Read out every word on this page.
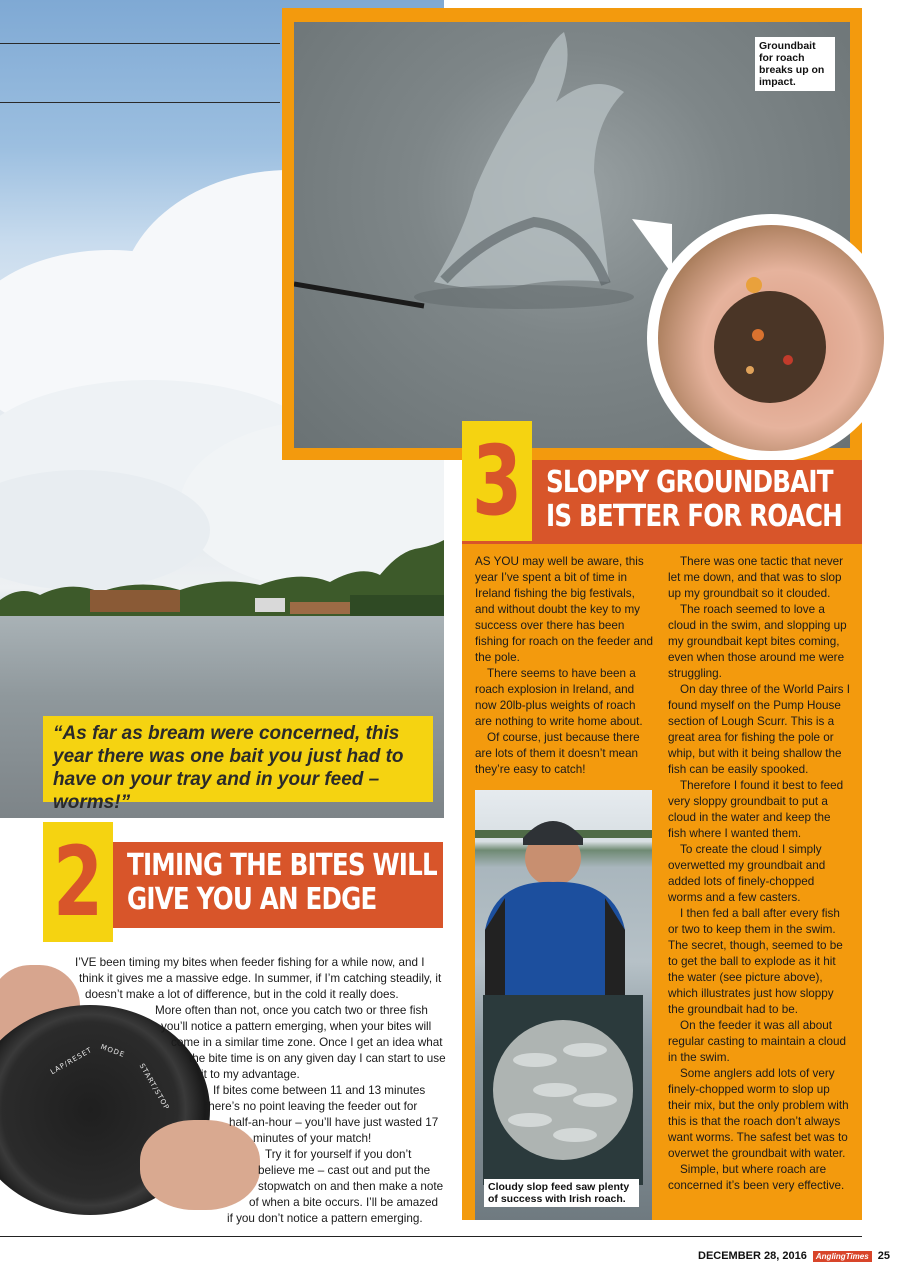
“As far as bream were concerned, this year there was one bait you just had to have on your tray and in your feed – worms!”

Groundbait for roach breaks up on impact.
3 SLOPPY GROUNDBAIT
IS BETTER FOR ROACH

AS YOU may well be aware, this year I’ve spent a bit of time in Ireland fishing the big festivals, and without doubt the key to my success over there has been fishing for roach on the feeder and the pole.

There seems to have been a roach explosion in Ireland, and now 20lb-plus weights of roach are nothing to write home about.

Of course, just because there are lots of them it doesn’t mean they’re easy to catch!

There was one tactic that never let me down, and that was to slop up my groundbait so it clouded.

The roach seemed to love a cloud in the swim, and slopping up my groundbait kept bites coming, even when those around me were struggling.

On day three of the World Pairs I found myself on the Pump House section of Lough Scurr. This is a great area for fishing the pole or whip, but with it being shallow the fish can be easily spooked.

Therefore I found it best to feed very sloppy groundbait to put a cloud in the water and keep the fish where I wanted them.

To create the cloud I simply overwetted my groundbait and added lots of finely-chopped worms and a few casters.

I then fed a ball after every fish or two to keep them in the swim. The secret, though, seemed to be to get the ball to explode as it hit the water (see picture above), which illustrates just how sloppy the groundbait had to be.

On the feeder it was all about regular casting to maintain a cloud in the swim.

Some anglers add lots of very finely-chopped worm to slop up their mix, but the only problem with this is that the roach don’t always want worms. The safest bet was to overwet the groundbait with water.

Simple, but where roach are concerned it’s been very effective.

Cloudy slop feed saw plenty of success with Irish roach.
2 TIMING THE BITES WILL
GIVE YOU AN EDGE
LAP/RESET MODE
START/STOP
I’VE been timing my bites when feeder fishing for a while now, and I
think it gives me a massive edge. In summer, if I’m catching steadily, it
doesn’t make a lot of difference, but in the cold it really does.
More often than not, once you catch two or three fish
you’ll notice a pattern emerging, when your bites will
come in a similar time zone. Once I get an idea what
the bite time is on any given day I can start to use
it to my advantage.
If bites come between 11 and 13 minutes
there’s no point leaving the feeder out for
half-an-hour – you’ll have just wasted 17
minutes of your match!
Try it for yourself if you don’t
believe me – cast out and put the
stopwatch on and then make a note
of when a bite occurs. I’ll be amazed
if you don’t notice a pattern emerging.
DECEMBER 28, 2016 AnglingTimes 25
